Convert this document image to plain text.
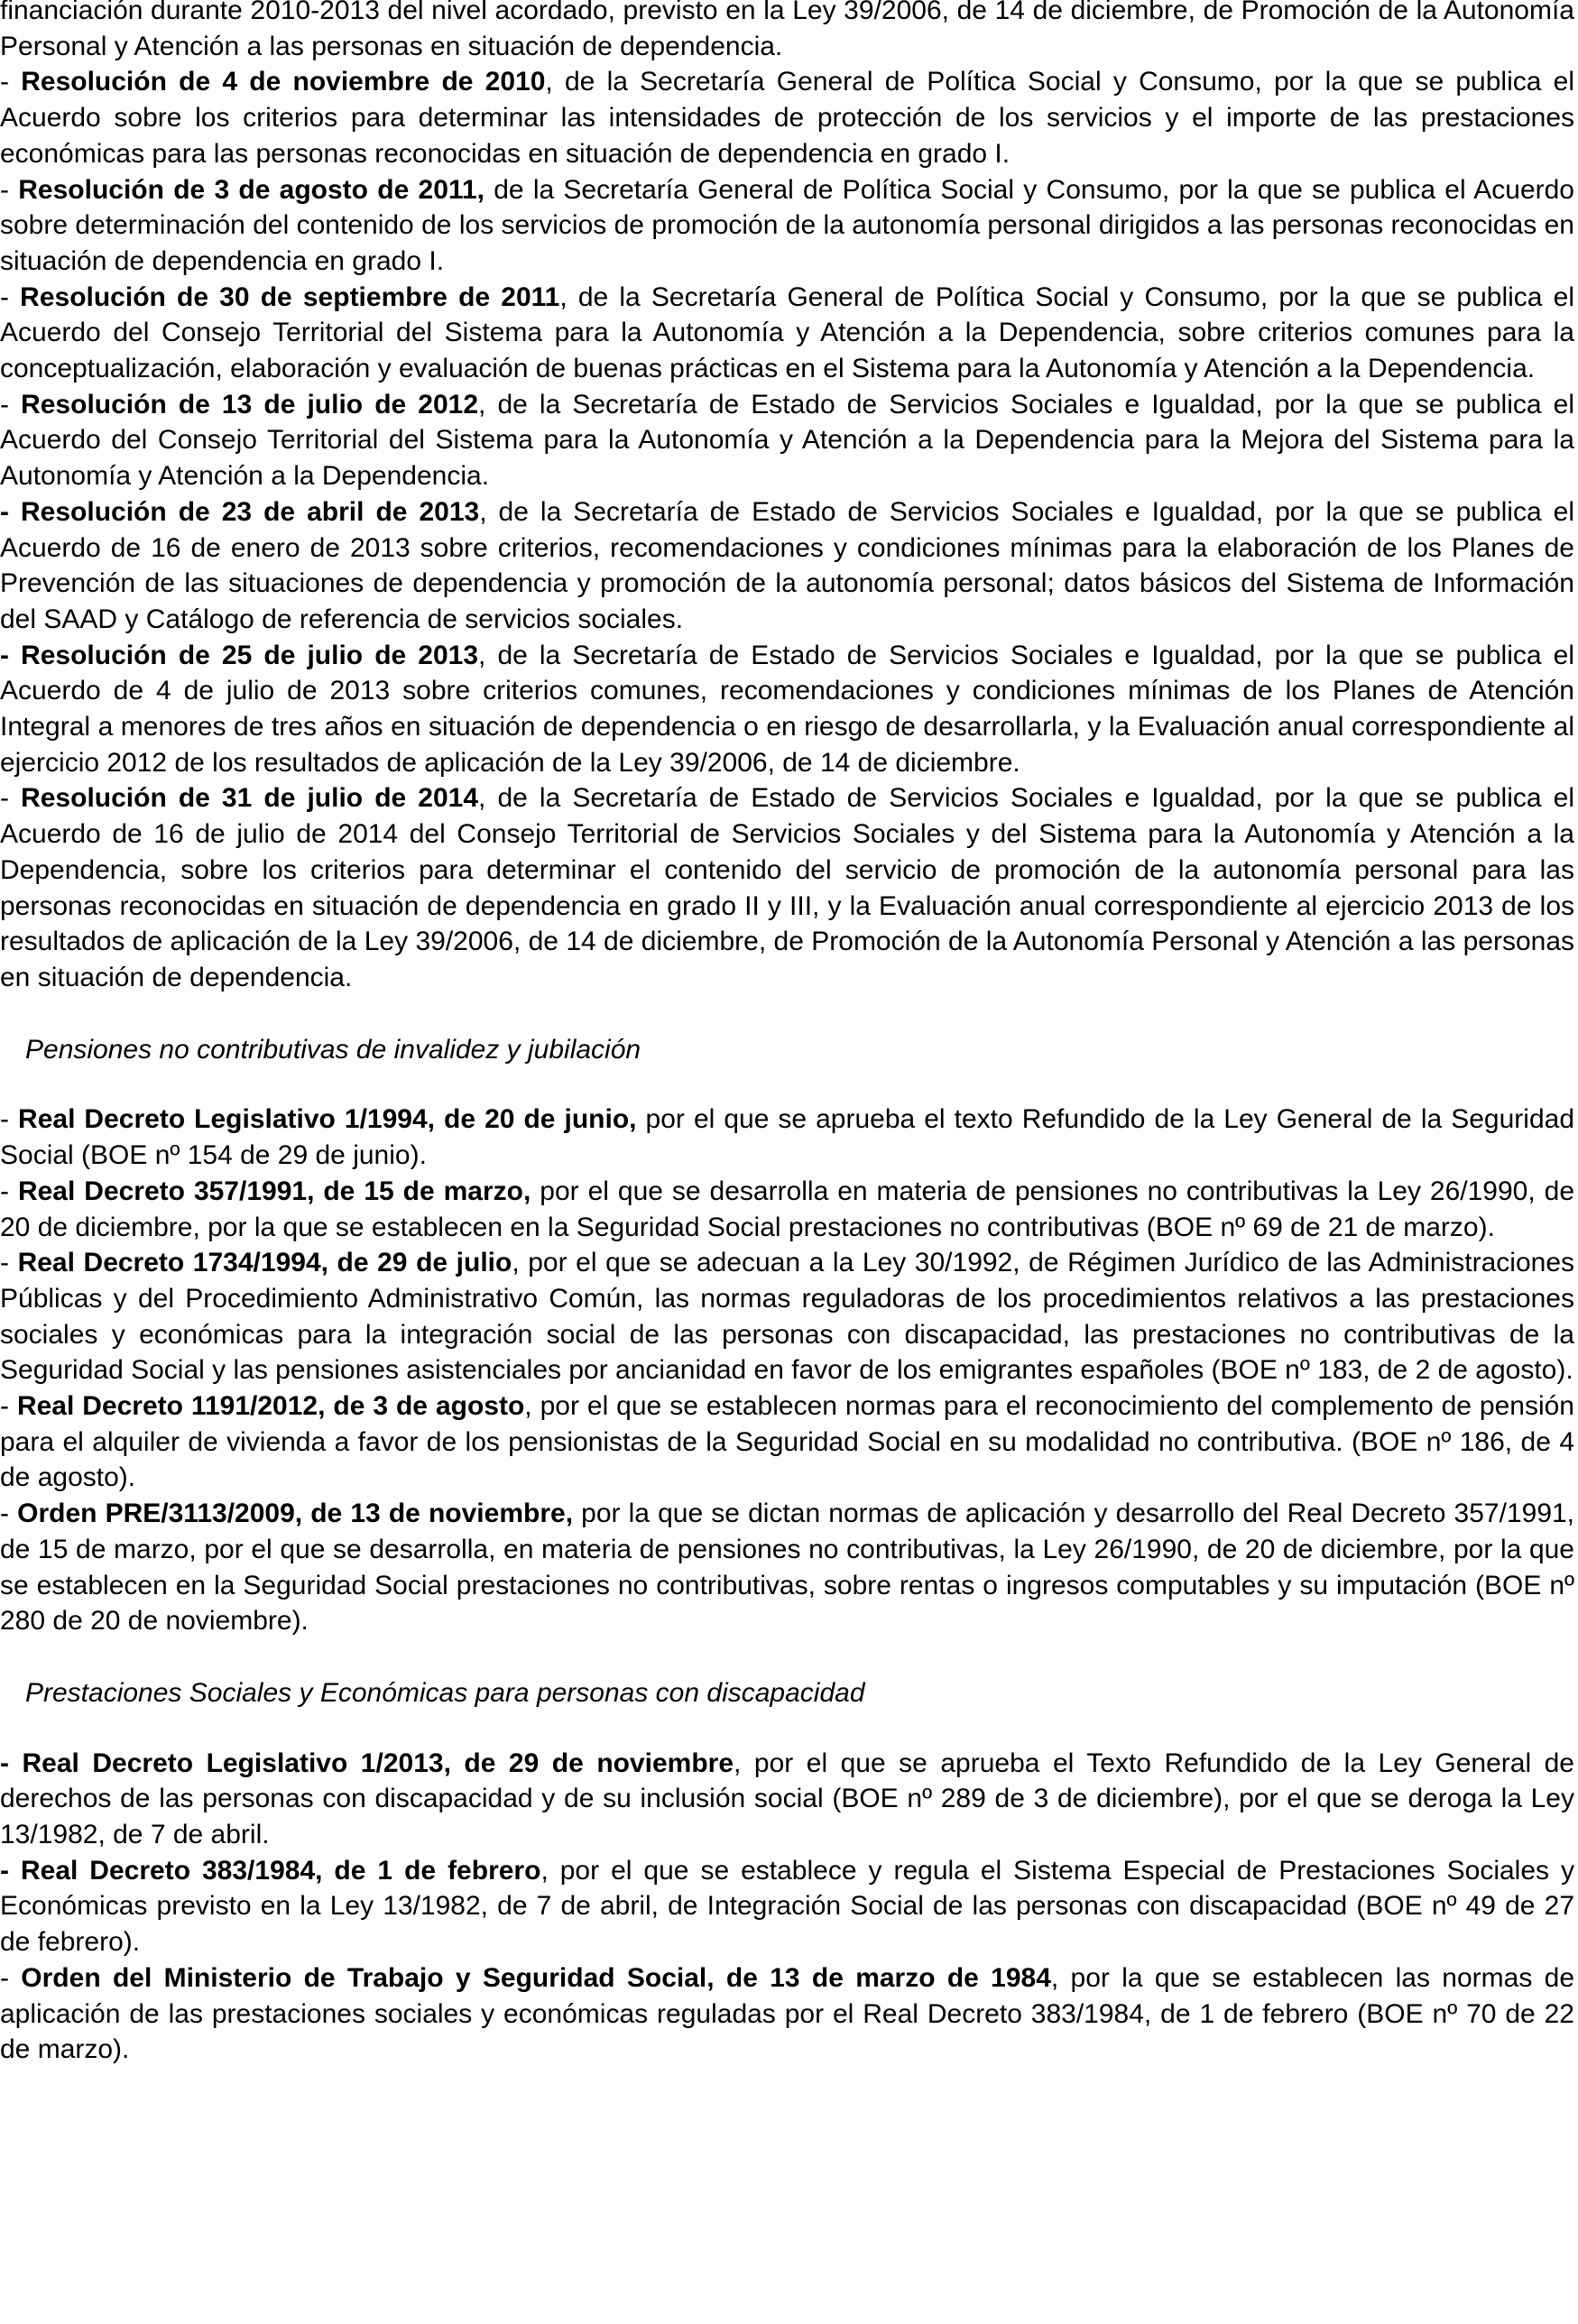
financiación durante 2010-2013 del nivel acordado, previsto en la Ley 39/2006, de 14 de diciembre, de Promoción de la Autonomía Personal y Atención a las personas en situación de dependencia.

- Resolución de 4 de noviembre de 2010, de la Secretaría General de Política Social y Consumo, por la que se publica el Acuerdo sobre los criterios para determinar las intensidades de protección de los servicios y el importe de las prestaciones económicas para las personas reconocidas en situación de dependencia en grado I.

- Resolución de 3 de agosto de 2011, de la Secretaría General de Política Social y Consumo, por la que se publica el Acuerdo sobre determinación del contenido de los servicios de promoción de la autonomía personal dirigidos a las personas reconocidas en situación de dependencia en grado I.

- Resolución de 30 de septiembre de 2011, de la Secretaría General de Política Social y Consumo, por la que se publica el Acuerdo del Consejo Territorial del Sistema para la Autonomía y Atención a la Dependencia, sobre criterios comunes para la conceptualización, elaboración y evaluación de buenas prácticas en el Sistema para la Autonomía y Atención a la Dependencia.

- Resolución de 13 de julio de 2012, de la Secretaría de Estado de Servicios Sociales e Igualdad, por la que se publica el Acuerdo del Consejo Territorial del Sistema para la Autonomía y Atención a la Dependencia para la Mejora del Sistema para la Autonomía y Atención a la Dependencia.

- Resolución de 23 de abril de 2013, de la Secretaría de Estado de Servicios Sociales e Igualdad, por la que se publica el Acuerdo de 16 de enero de 2013 sobre criterios, recomendaciones y condiciones mínimas para la elaboración de los Planes de Prevención de las situaciones de dependencia y promoción de la autonomía personal; datos básicos del Sistema de Información del SAAD y Catálogo de referencia de servicios sociales.

- Resolución de 25 de julio de 2013, de la Secretaría de Estado de Servicios Sociales e Igualdad, por la que se publica el Acuerdo de 4 de julio de 2013 sobre criterios comunes, recomendaciones y condiciones mínimas de los Planes de Atención Integral a menores de tres años en situación de dependencia o en riesgo de desarrollarla, y la Evaluación anual correspondiente al ejercicio 2012 de los resultados de aplicación de la Ley 39/2006, de 14 de diciembre.

- Resolución de 31 de julio de 2014, de la Secretaría de Estado de Servicios Sociales e Igualdad, por la que se publica el Acuerdo de 16 de julio de 2014 del Consejo Territorial de Servicios Sociales y del Sistema para la Autonomía y Atención a la Dependencia, sobre los criterios para determinar el contenido del servicio de promoción de la autonomía personal para las personas reconocidas en situación de dependencia en grado II y III, y la Evaluación anual correspondiente al ejercicio 2013 de los resultados de aplicación de la Ley 39/2006, de 14 de diciembre, de Promoción de la Autonomía Personal y Atención a las personas en situación de dependencia.

Pensiones no contributivas de invalidez y jubilación

- Real Decreto Legislativo 1/1994, de 20 de junio, por el que se aprueba el texto Refundido de la Ley General de la Seguridad Social (BOE nº 154 de 29 de junio).

- Real Decreto 357/1991, de 15 de marzo, por el que se desarrolla en materia de pensiones no contributivas la Ley 26/1990, de 20 de diciembre, por la que se establecen en la Seguridad Social prestaciones no contributivas (BOE nº 69 de 21 de marzo).

- Real Decreto 1734/1994, de 29 de julio, por el que se adecuan a la Ley 30/1992, de Régimen Jurídico de las Administraciones Públicas y del Procedimiento Administrativo Común, las normas reguladoras de los procedimientos relativos a las prestaciones sociales y económicas para la integración social de las personas con discapacidad, las prestaciones no contributivas de la Seguridad Social y las pensiones asistenciales por ancianidad en favor de los emigrantes españoles (BOE nº 183, de 2 de agosto).

- Real Decreto 1191/2012, de 3 de agosto, por el que se establecen normas para el reconocimiento del complemento de pensión para el alquiler de vivienda a favor de los pensionistas de la Seguridad Social en su modalidad no contributiva. (BOE nº 186, de 4 de agosto).

- Orden PRE/3113/2009, de 13 de noviembre, por la que se dictan normas de aplicación y desarrollo del Real Decreto 357/1991, de 15 de marzo, por el que se desarrolla, en materia de pensiones no contributivas, la Ley 26/1990, de 20 de diciembre, por la que se establecen en la Seguridad Social prestaciones no contributivas, sobre rentas o ingresos computables y su imputación (BOE nº 280 de 20 de noviembre).

Prestaciones Sociales y Económicas para personas con discapacidad

- Real Decreto Legislativo 1/2013, de 29 de noviembre, por el que se aprueba el Texto Refundido de la Ley General de derechos de las personas con discapacidad y de su inclusión social (BOE nº 289 de 3 de diciembre), por el que se deroga la Ley 13/1982, de 7 de abril.

- Real Decreto 383/1984, de 1 de febrero, por el que se establece y regula el Sistema Especial de Prestaciones Sociales y Económicas previsto en la Ley 13/1982, de 7 de abril, de Integración Social de las personas con discapacidad (BOE nº 49 de 27 de febrero).

- Orden del Ministerio de Trabajo y Seguridad Social, de 13 de marzo de 1984, por la que se establecen las normas de aplicación de las prestaciones sociales y económicas reguladas por el Real Decreto 383/1984, de 1 de febrero (BOE nº 70 de 22 de marzo).
